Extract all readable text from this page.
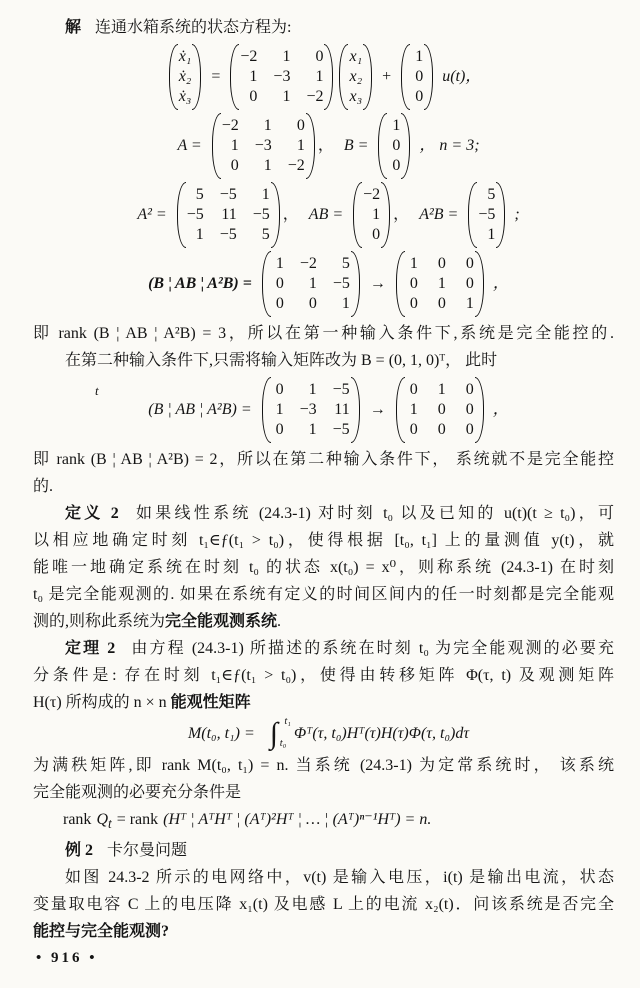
解 连通水箱系统的状态方程为:

ẋ₁
ẋ₂
ẋ₃
=
−2	1	0
1 −3	1
0	1 −2
x₁
x₂
x₃
+
1
0
0
u(t)，
A =
−2	1	0
1 −3	1
0	1 −2
， B =
1
0
0
， n = 3;
A² =
5 −5	1
−5 11 −5
1 −5	5
， AB =
−2
1
0
， A²B =
5
−5
1
;
(B ¦ AB ¦ A²B) =
1 −2	5
0	1 −5
0	0	1
→
1 0 0
0 1 0
0 0 1
，

即 rank (B ¦ AB ¦ A²B) = 3，所以在第一种输入条件下,系统是完全能控的.

在第二种输入条件下,只需将输入矩阵改为 B = (0, 1, 0)ᵀ， 此时

t
(B ¦ AB ¦ A²B) =
0	1 −5
1 −3 11
0	1 −5
→
0 1 0
1 0 0
0 0 0
，

即 rank (B ¦ AB ¦ A²B) = 2，所以在第二种输入条件下， 系统就不是完全能控

的.

定义 2 如果线性系统 (24.3-1) 对时刻 t₀ 以及已知的 u(t)(t ≥ t₀)，可

以相应地确定时刻 t₁∈ƒ(t₁ > t₀)，使得根据 [t₀, t₁] 上的量测值 y(t)，就

能唯一地确定系统在时刻 t₀ 的状态 x(t₀) = x⁰，则称系统 (24.3-1) 在时刻

t₀ 是完全能观测的. 如果在系统有定义的时间区间内的任一时刻都是完全能观

测的,则称此系统为完全能观测系统.

定理 2 由方程 (24.3-1) 所描述的系统在时刻 t₀ 为完全能观测的必要充

分条件是: 存在时刻 t₁∈ƒ(t₁ > t₀)，使得由转移矩阵 Φ(τ, t) 及观测矩阵

H(τ) 所构成的 n × n 能观性矩阵

M(t₀, t₁) = ∫ t₁
t₀
Φᵀ(τ, t₀)Hᵀ(τ)H(τ)Φ(τ, t₀)dτ

为满秩矩阵,即 rank M(t₀, t₁) = n. 当系统 (24.3-1) 为定常系统时， 该系统

完全能观测的必要充分条件是

rank $Q_t$ = rank (Hᵀ ¦ AᵀHᵀ ¦ (Aᵀ)²Hᵀ ¦ … ¦ (Aᵀ)ⁿ⁻¹Hᵀ) = n.

例 2 卡尔曼问题

如图 24.3-2 所示的电网络中，v(t) 是输入电压，i(t) 是输出电流，状态

变量取电容 C 上的电压降 x₁(t) 及电感 L 上的电流 x₂(t)．问该系统是否完全

能控与完全能观测?

• 916 •
